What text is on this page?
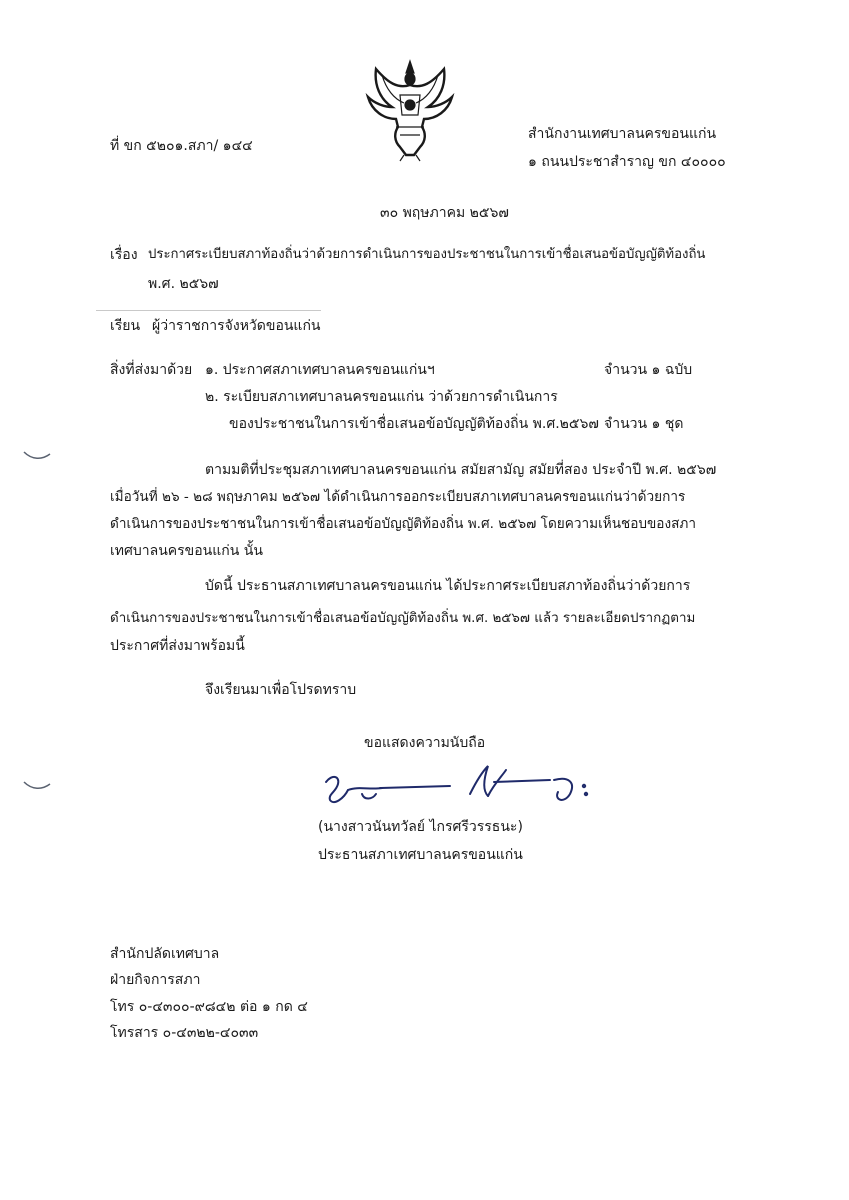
ที่ ขก ๕๒๐๑.สภา/ ๑๔๔
สำนักงานเทศบาลนครขอนแก่น
๑ ถนนประชาสำราญ ขก ๔๐๐๐๐
๓๐ พฤษภาคม ๒๕๖๗
เรื่อง ประกาศระเบียบสภาท้องถิ่นว่าด้วยการดำเนินการของประชาชนในการเข้าชื่อเสนอข้อบัญญัติท้องถิ่น
พ.ศ. ๒๕๖๗
เรียน ผู้ว่าราชการจังหวัดขอนแก่น
สิ่งที่ส่งมาด้วย ๑. ประกาศสภาเทศบาลนครขอนแก่นฯ	จำนวน ๑ ฉบับ
๒. ระเบียบสภาเทศบาลนครขอนแก่น ว่าด้วยการดำเนินการ
ของประชาชนในการเข้าชื่อเสนอข้อบัญญัติท้องถิ่น พ.ศ.๒๕๖๗ จำนวน ๑ ชุด
ตามมติที่ประชุมสภาเทศบาลนครขอนแก่น สมัยสามัญ สมัยที่สอง ประจำปี พ.ศ. ๒๕๖๗
เมื่อวันที่ ๒๖ - ๒๘ พฤษภาคม ๒๕๖๗ ได้ดำเนินการออกระเบียบสภาเทศบาลนครขอนแก่นว่าด้วยการ
ดำเนินการของประชาชนในการเข้าชื่อเสนอข้อบัญญัติท้องถิ่น พ.ศ. ๒๕๖๗ โดยความเห็นชอบของสภา
เทศบาลนครขอนแก่น นั้น
บัดนี้ ประธานสภาเทศบาลนครขอนแก่น ได้ประกาศระเบียบสภาท้องถิ่นว่าด้วยการ
ดำเนินการของประชาชนในการเข้าชื่อเสนอข้อบัญญัติท้องถิ่น พ.ศ. ๒๕๖๗ แล้ว รายละเอียดปรากฏตาม
ประกาศที่ส่งมาพร้อมนี้
จึงเรียนมาเพื่อโปรดทราบ
ขอแสดงความนับถือ
(นางสาวนันทวัลย์ ไกรศรีวรรธนะ)
ประธานสภาเทศบาลนครขอนแก่น
สำนักปลัดเทศบาล
ฝ่ายกิจการสภา
โทร ๐-๔๓๐๐-๙๘๔๒ ต่อ ๑ กด ๔
โทรสาร ๐-๔๓๒๒-๔๐๓๓
